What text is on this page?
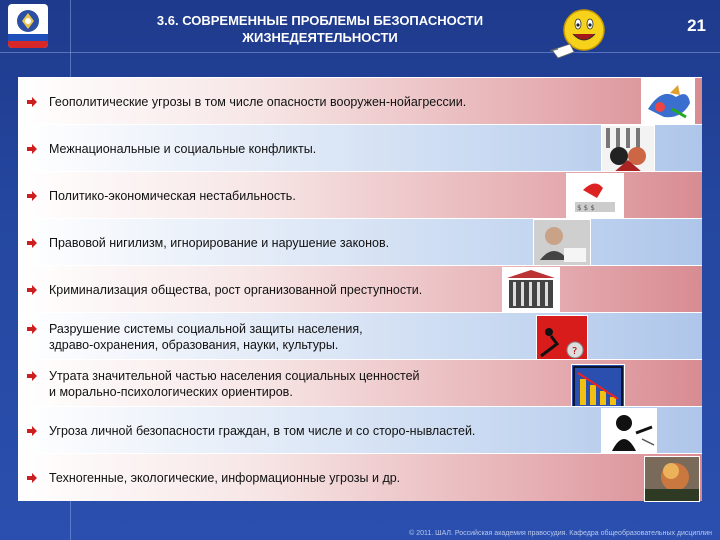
3.6. СОВРЕМЕННЫЕ ПРОБЛЕМЫ БЕЗОПАСНОСТИ
ЖИЗНЕДЕЯТЕЛЬНОСТИ
21
Геополитические угрозы в том числе опасности вооружен-нойагрессии.
Межнациональные и социальные конфликты.
Политико-экономическая нестабильность.
$ $ $
Правовой нигилизм, игнорирование и нарушение законов.
Криминализация общества, рост организованной преступности.
Разрушение системы социальной защиты населения,
здраво-охранения, образования, науки, культуры.	?
Утрата значительной частью населения социальных ценностей
и морально-психологических ориентиров.
Угроза личной безопасности граждан, в том числе и со сторо-нывластей.
Техногенные, экологические, информационные угрозы и др.
© 2011. ШАЛ. Российская академия правосудия. Кафедра общеобразовательных дисциплин
